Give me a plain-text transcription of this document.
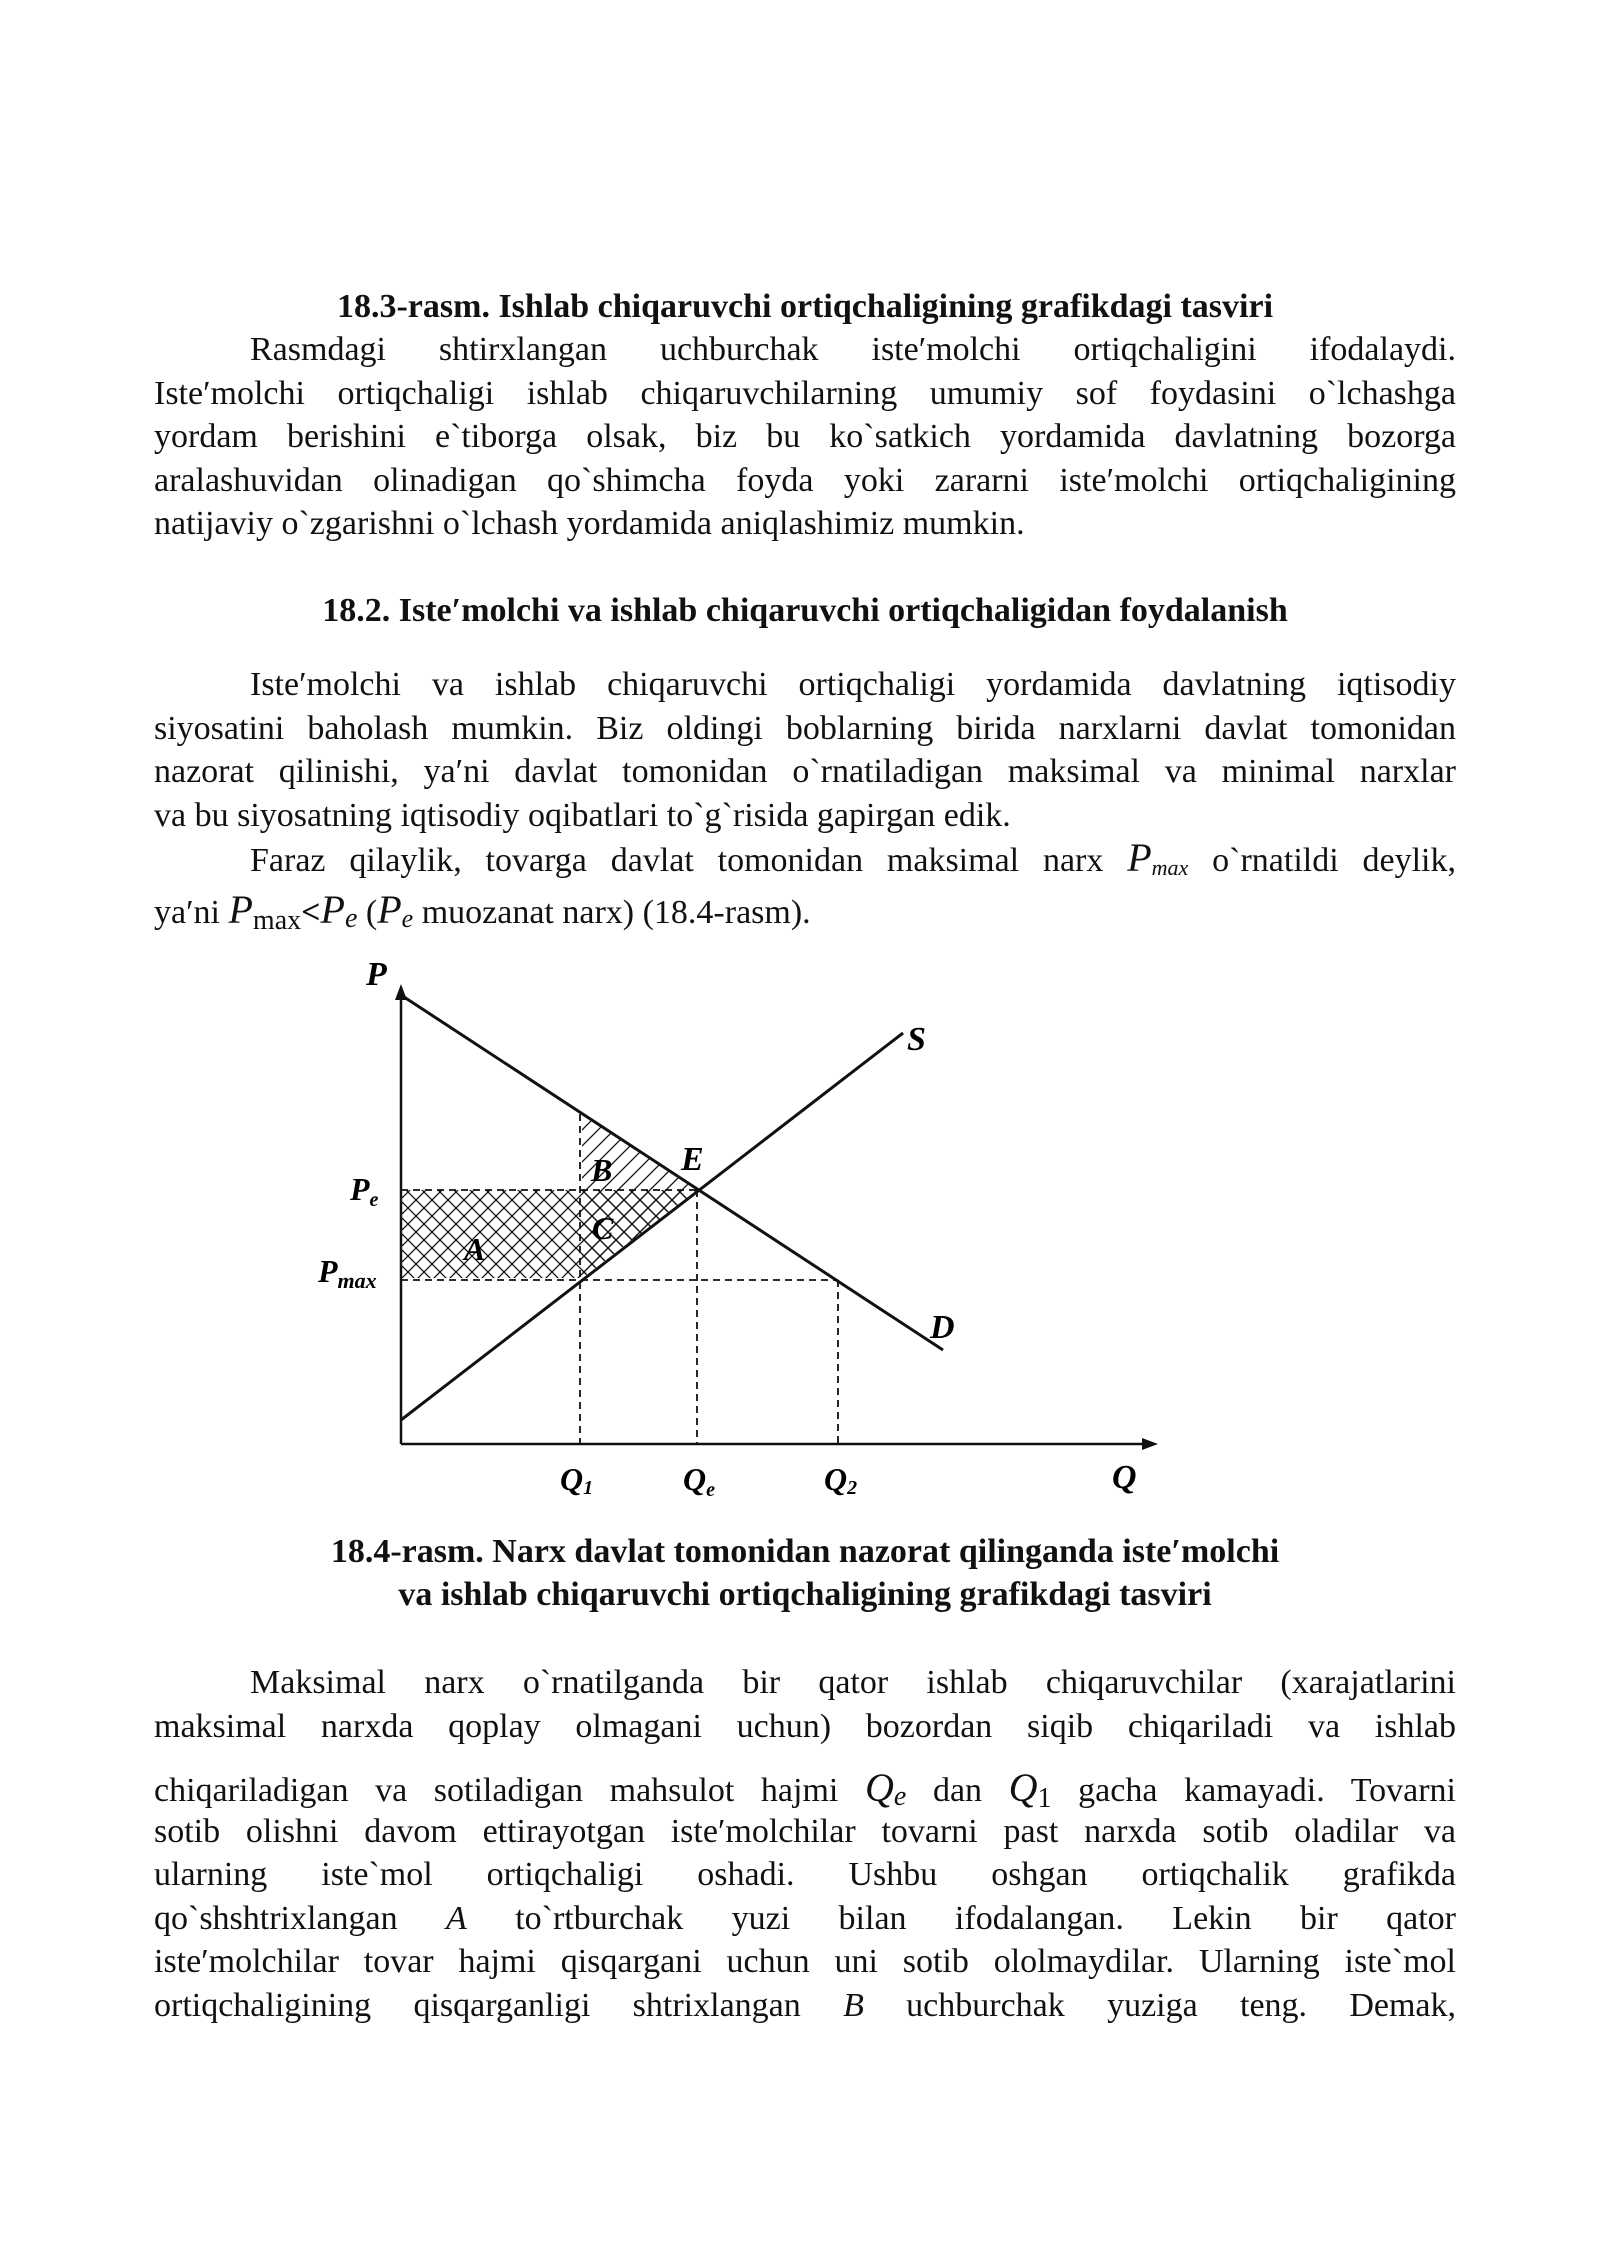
18.3-rasm. Ishlab chiqaruvchi ortiqchaligining grafikdagi tasviri
Rasmdagi shtirxlangan uchburchak iste′molchi ortiqchaligini ifodalaydi.
Iste′molchi ortiqchaligi ishlab chiqaruvchilarning umumiy sof foydasini o`lchashga
yordam berishini e`tiborga olsak, biz bu ko`satkich yordamida davlatning bozorga
aralashuvidan olinadigan qo`shimcha foyda yoki zararni iste′molchi ortiqchaligining
natijaviy o`zgarishni o`lchash yordamida aniqlashimiz mumkin.
18.2. Iste′molchi va ishlab chiqaruvchi ortiqchaligidan foydalanish
Iste′molchi va ishlab chiqaruvchi ortiqchaligi yordamida davlatning iqtisodiy
siyosatini baholash mumkin. Biz oldingi boblarning birida narxlarni davlat tomonidan
nazorat qilinishi, ya′ni davlat tomonidan o`rnatiladigan maksimal va minimal narxlar
va bu siyosatning iqtisodiy oqibatlari to`g`risida gapirgan edik.
Faraz qilaylik, tovarga davlat tomonidan maksimal narx Pmax o`rnatildi deylik,
ya′ni Pmax<Pe (Pe muozanat narx) (18.4-rasm).
P
Q
S
D
E
Pe
Pmax
A
B
C
Q1	Qe	Q2
18.4-rasm. Narx davlat tomonidan nazorat qilinganda iste′molchi
va ishlab chiqaruvchi ortiqchaligining grafikdagi tasviri
Maksimal narx o`rnatilganda bir qator ishlab chiqaruvchilar (xarajatlarini
maksimal narxda qoplay olmagani uchun) bozordan siqib chiqariladi va ishlab
chiqariladigan va sotiladigan mahsulot hajmi Qe dan Q1 gacha kamayadi. Tovarni
sotib olishni davom ettirayotgan iste′molchilar tovarni past narxda sotib oladilar va
ularning iste`mol ortiqchaligi oshadi. Ushbu oshgan ortiqchalik grafikda
qo`shshtrixlangan A to`rtburchak yuzi bilan ifodalangan. Lekin bir qator
iste′molchilar tovar hajmi qisqargani uchun uni sotib ololmaydilar. Ularning iste`mol
ortiqchaligining qisqarganligi shtrixlangan B uchburchak yuziga teng. Demak,
